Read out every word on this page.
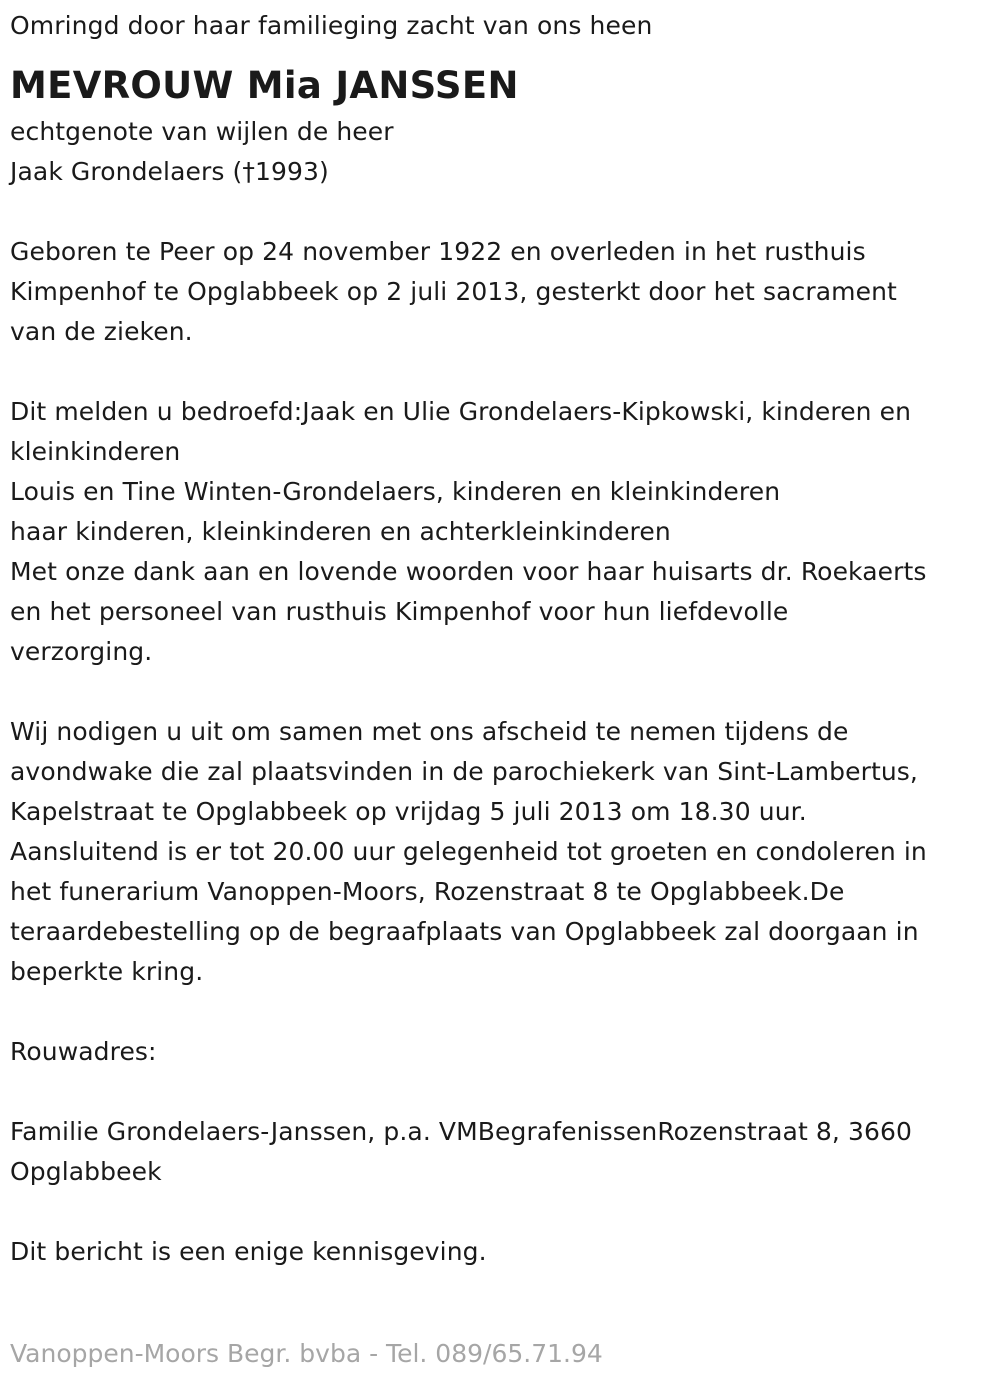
Omringd door haar familieging zacht van ons heen
MEVROUW Mia JANSSEN
echtgenote van wijlen de heer
Jaak Grondelaers (†1993)
Geboren te Peer op 24 november 1922 en overleden in het rusthuis
Kimpenhof te Opglabbeek op 2 juli 2013, gesterkt door het sacrament
van de zieken.
Dit melden u bedroefd:Jaak en Ulie Grondelaers-Kipkowski, kinderen en
kleinkinderen
Louis en Tine Winten-Grondelaers, kinderen en kleinkinderen
haar kinderen, kleinkinderen en achterkleinkinderen
Met onze dank aan en lovende woorden voor haar huisarts dr. Roekaerts
en het personeel van rusthuis Kimpenhof voor hun liefdevolle
verzorging.
Wij nodigen u uit om samen met ons afscheid te nemen tijdens de
avondwake die zal plaatsvinden in de parochiekerk van Sint-Lambertus,
Kapelstraat te Opglabbeek op vrijdag 5 juli 2013 om 18.30 uur.
Aansluitend is er tot 20.00 uur gelegenheid tot groeten en condoleren in
het funerarium Vanoppen-Moors, Rozenstraat 8 te Opglabbeek.De
teraardebestelling op de begraafplaats van Opglabbeek zal doorgaan in
beperkte kring.
Rouwadres:
Familie Grondelaers-Janssen, p.a. VMBegrafenissenRozenstraat 8, 3660
Opglabbeek
Dit bericht is een enige kennisgeving.
Vanoppen-Moors Begr. bvba - Tel. 089/65.71.94
